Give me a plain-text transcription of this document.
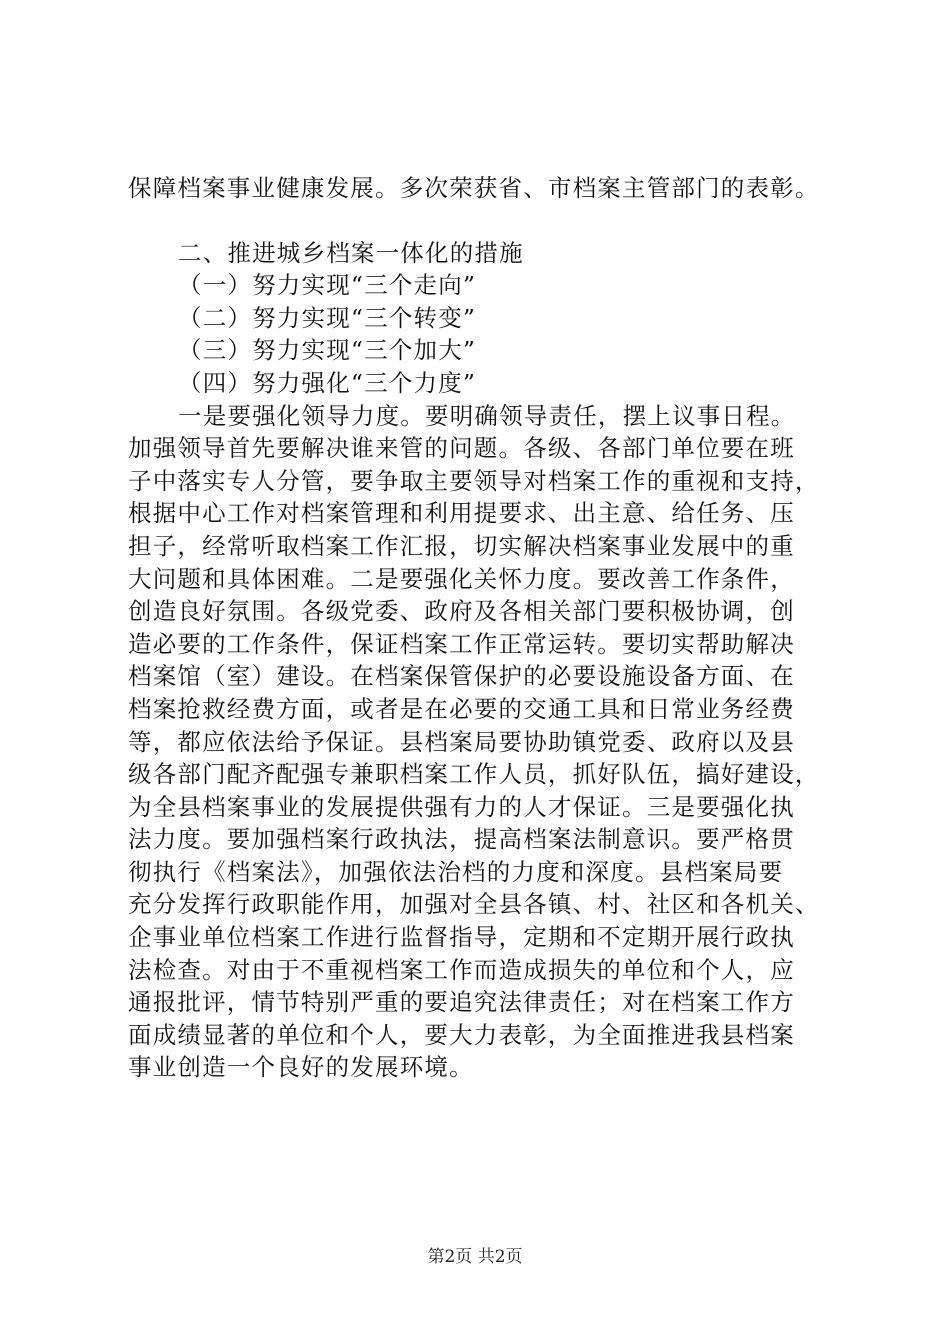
保障档案事业健康发展。多次荣获省、市档案主管部门的表彰。
二、推进城乡档案一体化的措施
（一）努力实现“三个走向”
（二）努力实现“三个转变”
（三）努力实现“三个加大”
（四）努力强化“三个力度”
一是要强化领导力度。要明确领导责任，摆上议事日程。
加强领导首先要解决谁来管的问题。各级、各部门单位要在班
子中落实专人分管，要争取主要领导对档案工作的重视和支持，
根据中心工作对档案管理和利用提要求、出主意、给任务、压
担子，经常听取档案工作汇报，切实解决档案事业发展中的重
大问题和具体困难。二是要强化关怀力度。要改善工作条件，
创造良好氛围。各级党委、政府及各相关部门要积极协调，创
造必要的工作条件，保证档案工作正常运转。要切实帮助解决
档案馆（室）建设。在档案保管保护的必要设施设备方面、在
档案抢救经费方面，或者是在必要的交通工具和日常业务经费
等，都应依法给予保证。县档案局要协助镇党委、政府以及县
级各部门配齐配强专兼职档案工作人员，抓好队伍，搞好建设，
为全县档案事业的发展提供强有力的人才保证。三是要强化执
法力度。要加强档案行政执法，提高档案法制意识。要严格贯
彻执行《档案法》，加强依法治档的力度和深度。县档案局要
充分发挥行政职能作用，加强对全县各镇、村、社区和各机关、
企事业单位档案工作进行监督指导，定期和不定期开展行政执
法检查。对由于不重视档案工作而造成损失的单位和个人，应
通报批评，情节特别严重的要追究法律责任；对在档案工作方
面成绩显著的单位和个人，要大力表彰，为全面推进我县档案
事业创造一个良好的发展环境。
第2页 共2页
